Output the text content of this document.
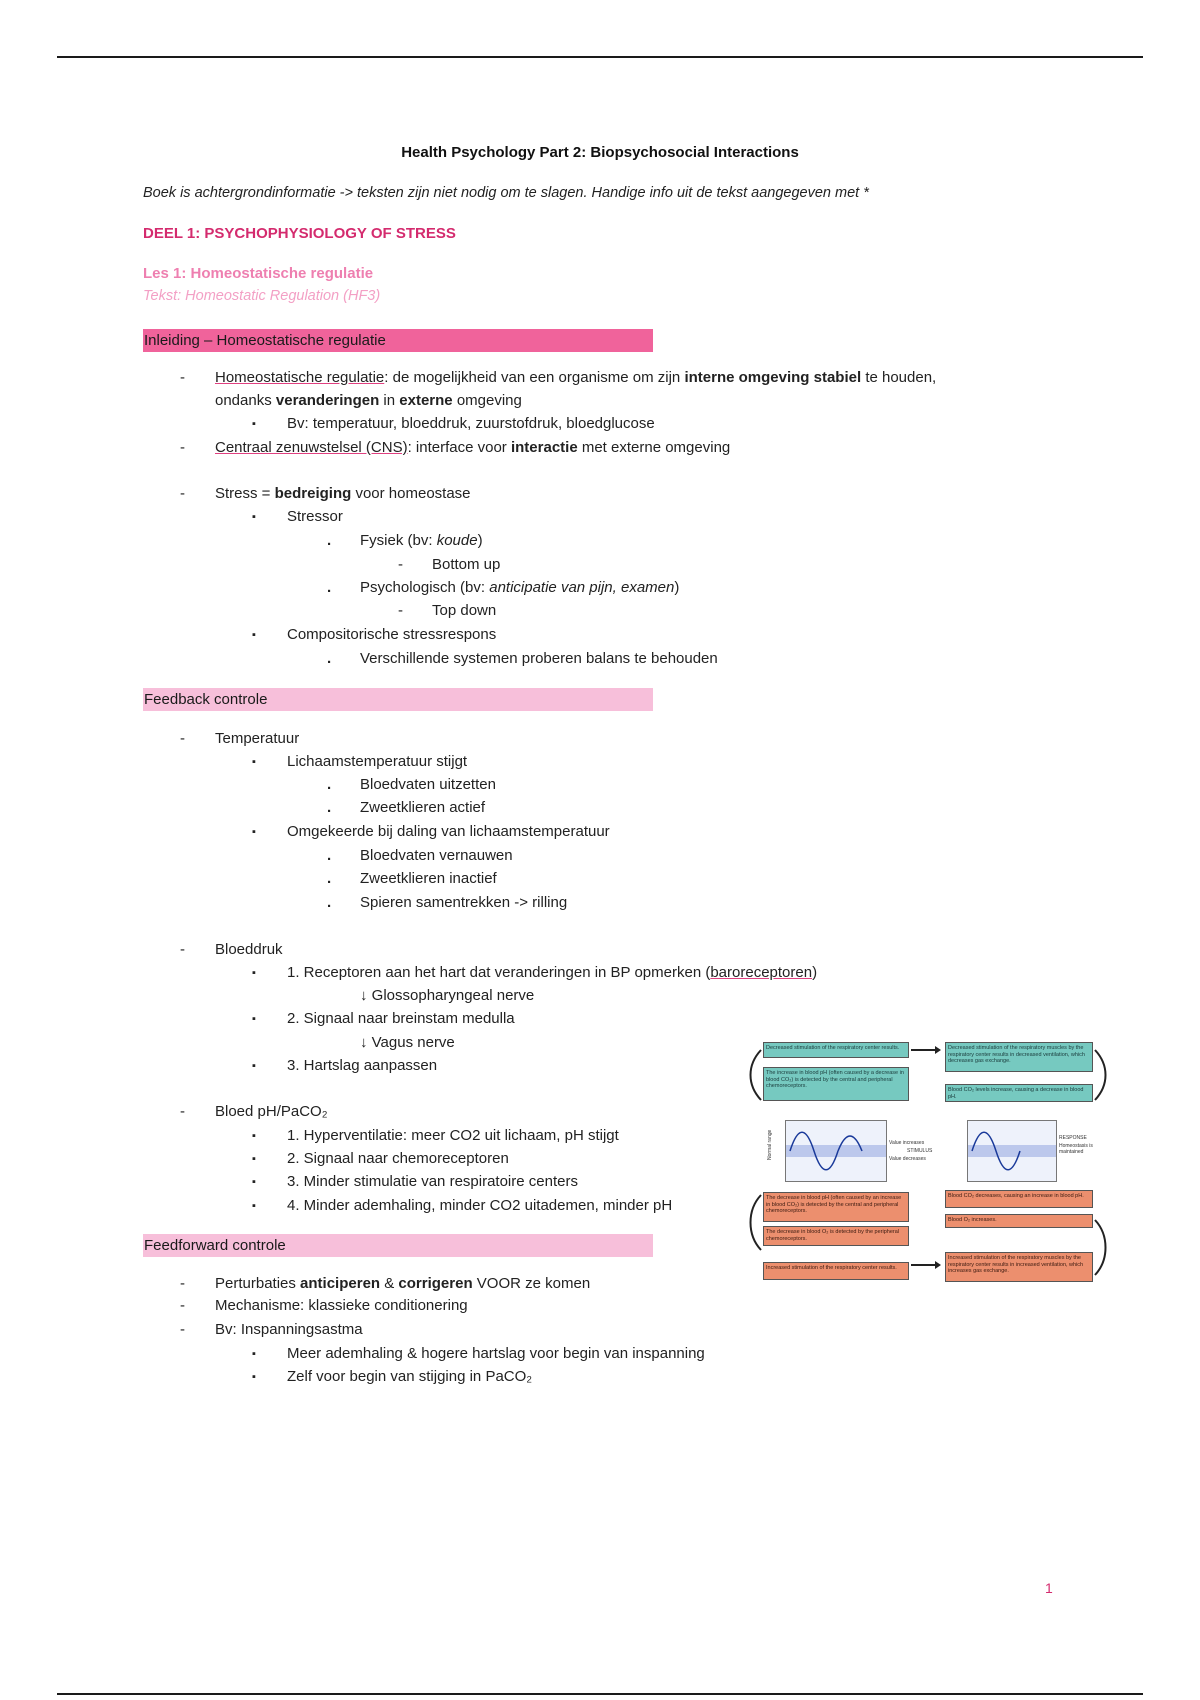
Health Psychology Part 2: Biopsychosocial Interactions
Boek is achtergrondinformatie -> teksten zijn niet nodig om te slagen. Handige info uit de tekst aangegeven met *
DEEL 1: PSYCHOPHYSIOLOGY OF STRESS
Les 1: Homeostatische regulatie
Tekst: Homeostatic Regulation (HF3)
Inleiding – Homeostatische regulatie
- Homeostatische regulatie: de mogelijkheid van een organisme om zijn interne omgeving stabiel te houden,
ondanks veranderingen in externe omgeving
▪ Bv: temperatuur, bloeddruk, zuurstofdruk, bloedglucose
- Centraal zenuwstelsel (CNS): interface voor interactie met externe omgeving
- Stress = bedreiging voor homeostase
▪ Stressor
. Fysiek (bv: koude)
- Bottom up
. Psychologisch (bv: anticipatie van pijn, examen)
- Top down
▪ Compositorische stressrespons
. Verschillende systemen proberen balans te behouden
Feedback controle
- Temperatuur
▪ Lichaamstemperatuur stijgt
. Bloedvaten uitzetten
. Zweetklieren actief
▪ Omgekeerde bij daling van lichaamstemperatuur
. Bloedvaten vernauwen
. Zweetklieren inactief
. Spieren samentrekken -> rilling
- Bloeddruk
▪ 1. Receptoren aan het hart dat veranderingen in BP opmerken (baroreceptoren)
↓ Glossopharyngeal nerve
▪ 2. Signaal naar breinstam medulla
↓ Vagus nerve
▪ 3. Hartslag aanpassen
- Bloed pH/PaCO₂
▪ 1. Hyperventilatie: meer CO2 uit lichaam, pH stijgt
▪ 2. Signaal naar chemoreceptoren
▪ 3. Minder stimulatie van respiratoire centers
▪ 4. Minder ademhaling, minder CO2 uitademen, minder pH
Feedforward controle
- Perturbaties anticiperen & corrigeren VOOR ze komen
- Mechanisme: klassieke conditionering
- Bv: Inspanningsastma
▪ Meer ademhaling & hogere hartslag voor begin van inspanning
▪ Zelf voor begin van stijging in PaCO₂
Decreased stimulation of the respiratory center results.
The increase in blood pH (often caused by a decrease in blood CO₂) is detected by the central and peripheral chemoreceptors.
Decreased stimulation of the respiratory muscles by the respiratory center results in decreased ventilation, which decreases gas exchange.
Blood CO₂ levels increase, causing a decrease in blood pH.
Normal range	Value increases
STIMULUS
Value decreases
RESPONSE
Homeostasis is maintained
The decrease in blood pH (often caused by an increase in blood CO₂) is detected by the central and peripheral chemoreceptors.
The decrease in blood O₂ is detected by the peripheral chemoreceptors.
Increased stimulation of the respiratory center results.
Blood CO₂ decreases, causing an increase in blood pH.
Blood O₂ increases.
Increased stimulation of the respiratory muscles by the respiratory center results in increased ventilation, which increases gas exchange.
1
